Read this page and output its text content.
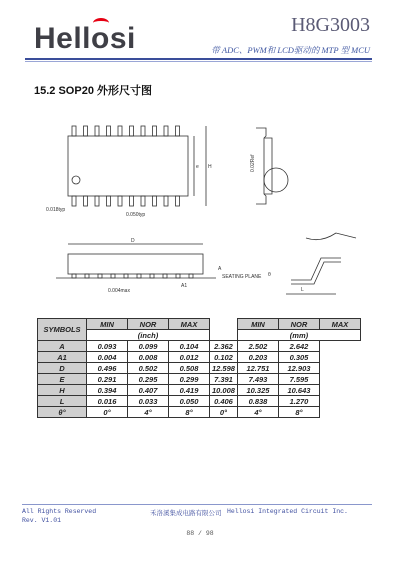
Hell
osi	H8G3003
带 ADC、PWM和 LCD驱动的 MTP 型 MCU
15.2 SOP20 外形尺寸图
e H
0.018typ
0.050typ
0.02Ref
D
A1
A
SEATING PLANE
0.004max
θ
L
SYMBOLS	MIN	NOR	MAX		MIN	NOR	MAX
	(inch)				(mm)		
A	0.093	0.099	0.104	2.362	2.502	2.642	
A1	0.004	0.008	0.012	0.102	0.203	0.305	
D	0.496	0.502	0.508	12.598	12.751	12.903	
E	0.291	0.295	0.299	7.391	7.493	7.595	
H	0.394	0.407	0.419	10.008	10.325	10.643	
L	0.016	0.033	0.050	0.406	0.838	1.270	
θ°	0°	4°	8°	0°	4°	8°	
All Rights Reserved	禾洛溪集成电路有限公司 Hellosi Integrated Circuit Inc.
Rev. V1.01
88 / 98
